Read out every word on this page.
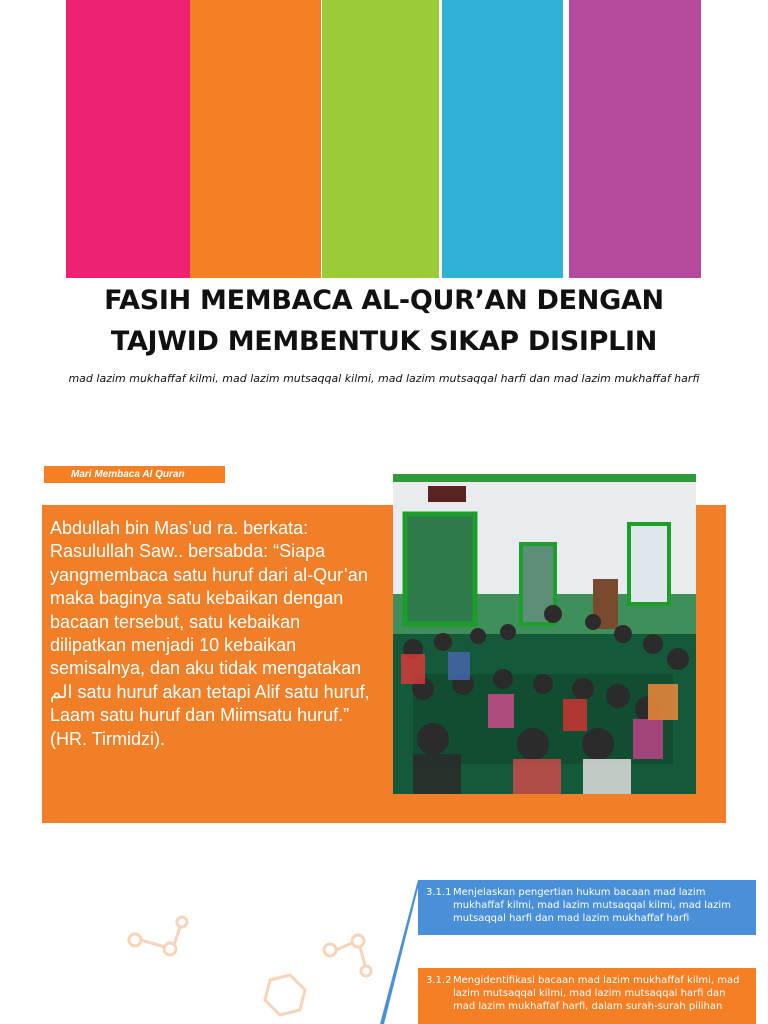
FASIH MEMBACA AL-QUR’AN DENGAN
TAJWID MEMBENTUK SIKAP DISIPLIN
mad lazim mukhaffaf kilmi, mad lazim mutsaqqal kilmi, mad lazim mutsaqqal harfi dan mad lazim mukhaffaf harfi
Mari Membaca Al Quran
Abdullah bin Mas’ud ra. berkata: Rasulullah Saw.. bersabda: “Siapa yangmembaca satu huruf dari al-Qur’an maka baginya satu kebaikan dengan bacaan tersebut, satu kebaikan dilipatkan menjadi 10 kebaikan semisalnya, dan aku tidak mengatakan الم satu huruf akan tetapi Alif satu huruf, Laam satu huruf dan Miimsatu huruf.” (HR. Tirmidzi).
3.1.1 Menjelaskan pengertian hukum bacaan mad lazim mukhaffaf kilmi, mad lazim mutsaqqal kilmi, mad lazim mutsaqqal harfi dan mad lazim mukhaffaf harfi
3.1.2 Mengidentifikasi bacaan mad lazim mukhaffaf kilmi, mad lazim mutsaqqal kilmi, mad lazim mutsaqqal harfi dan mad lazim mukhaffaf harfi, dalam surah-surah pilihan
